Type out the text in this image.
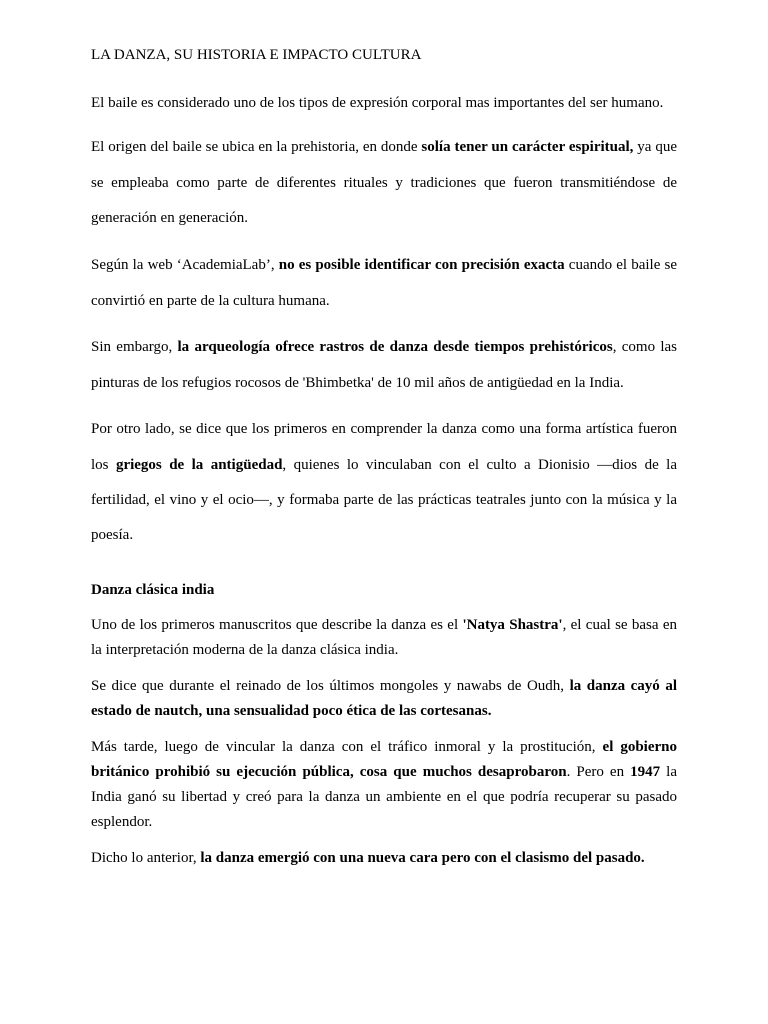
LA DANZA, SU HISTORIA E IMPACTO CULTURA
El baile es considerado uno de los tipos de expresión corporal mas importantes del ser humano.
El origen del baile se ubica en la prehistoria, en donde solía tener un carácter espiritual, ya que
se empleaba como parte de diferentes rituales y tradiciones que fueron transmitiéndose de
generación en generación.
Según la web ‘AcademiaLab’, no es posible identificar con precisión exacta cuando el baile se
convirtió en parte de la cultura humana.
Sin embargo, la arqueología ofrece rastros de danza desde tiempos prehistóricos, como las
pinturas de los refugios rocosos de 'Bhimbetka' de 10 mil años de antigüedad en la India.
Por otro lado, se dice que los primeros en comprender la danza como una forma artística fueron
los griegos de la antigüedad, quienes lo vinculaban con el culto a Dionisio —dios de la
fertilidad, el vino y el ocio—, y formaba parte de las prácticas teatrales junto con la música y la
poesía.
Danza clásica india
Uno de los primeros manuscritos que describe la danza es el 'Natya Shastra', el cual se basa en
la interpretación moderna de la danza clásica india.
Se dice que durante el reinado de los últimos mongoles y nawabs de Oudh, la danza cayó al
estado de nautch, una sensualidad poco ética de las cortesanas.
Más tarde, luego de vincular la danza con el tráfico inmoral y la prostitución, el gobierno
británico prohibió su ejecución pública, cosa que muchos desaprobaron. Pero en 1947 la
India ganó su libertad y creó para la danza un ambiente en el que podría recuperar su pasado
esplendor.
Dicho lo anterior, la danza emergió con una nueva cara pero con el clasismo del pasado.
